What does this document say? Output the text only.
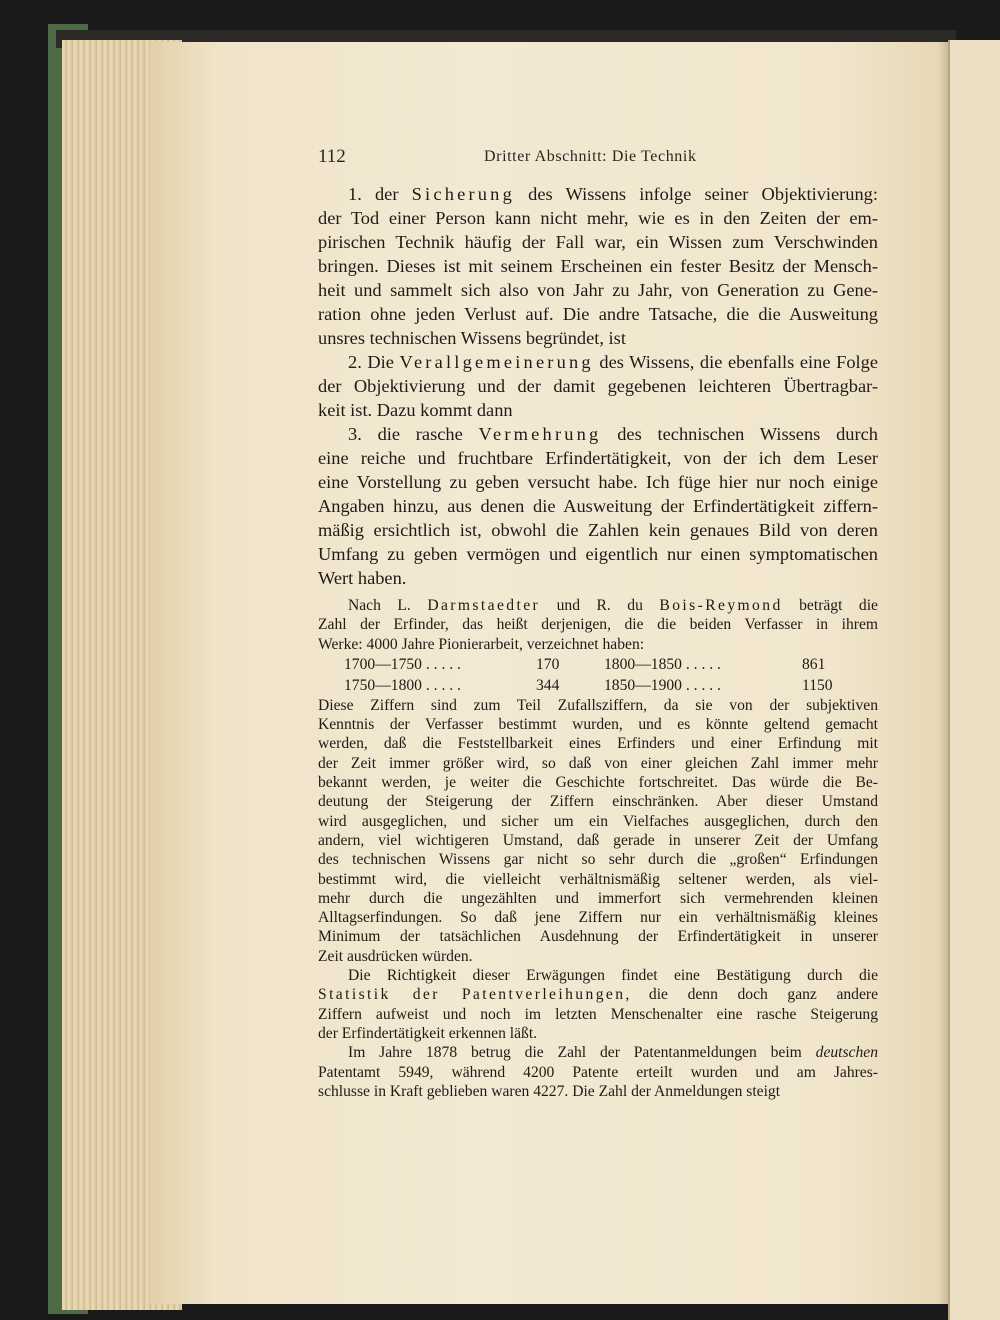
112	Dritter Abschnitt: Die Technik
1. der Sicherung des Wissens infolge seiner Objektivierung:
der Tod einer Person kann nicht mehr, wie es in den Zeiten der em-
pirischen Technik häufig der Fall war, ein Wissen zum Verschwinden
bringen. Dieses ist mit seinem Erscheinen ein fester Besitz der Mensch-
heit und sammelt sich also von Jahr zu Jahr, von Generation zu Gene-
ration ohne jeden Verlust auf. Die andre Tatsache, die die Ausweitung
unsres technischen Wissens begründet, ist
2. Die Verallgemeinerung des Wissens, die ebenfalls eine Folge
der Objektivierung und der damit gegebenen leichteren Übertragbar-
keit ist. Dazu kommt dann
3. die rasche Vermehrung des technischen Wissens durch
eine reiche und fruchtbare Erfindertätigkeit, von der ich dem Leser
eine Vorstellung zu geben versucht habe. Ich füge hier nur noch einige
Angaben hinzu, aus denen die Ausweitung der Erfindertätigkeit ziffern-
mäßig ersichtlich ist, obwohl die Zahlen kein genaues Bild von deren
Umfang zu geben vermögen und eigentlich nur einen symptomatischen
Wert haben.
Nach L. Darmstaedter und R. du Bois-Reymond beträgt die
Zahl der Erfinder, das heißt derjenigen, die die beiden Verfasser in ihrem
Werke: 4000 Jahre Pionierarbeit, verzeichnet haben:
1700—1750 . . . . .	170	1800—1850 . . . . .	861
1750—1800 . . . . .	344	1850—1900 . . . . .	1150
Diese Ziffern sind zum Teil Zufallsziffern, da sie von der subjektiven
Kenntnis der Verfasser bestimmt wurden, und es könnte geltend gemacht
werden, daß die Feststellbarkeit eines Erfinders und einer Erfindung mit
der Zeit immer größer wird, so daß von einer gleichen Zahl immer mehr
bekannt werden, je weiter die Geschichte fortschreitet. Das würde die Be-
deutung der Steigerung der Ziffern einschränken. Aber dieser Umstand
wird ausgeglichen, und sicher um ein Vielfaches ausgeglichen, durch den
andern, viel wichtigeren Umstand, daß gerade in unserer Zeit der Umfang
des technischen Wissens gar nicht so sehr durch die „großen“ Erfindungen
bestimmt wird, die vielleicht verhältnismäßig seltener werden, als viel-
mehr durch die ungezählten und immerfort sich vermehrenden kleinen
Alltagserfindungen. So daß jene Ziffern nur ein verhältnismäßig kleines
Minimum der tatsächlichen Ausdehnung der Erfindertätigkeit in unserer
Zeit ausdrücken würden.
Die Richtigkeit dieser Erwägungen findet eine Bestätigung durch die
Statistik der Patentverleihungen, die denn doch ganz andere
Ziffern aufweist und noch im letzten Menschenalter eine rasche Steigerung
der Erfindertätigkeit erkennen läßt.
Im Jahre 1878 betrug die Zahl der Patentanmeldungen beim deutschen
Patentamt 5949, während 4200 Patente erteilt wurden und am Jahres-
schlusse in Kraft geblieben waren 4227. Die Zahl der Anmeldungen steigt
